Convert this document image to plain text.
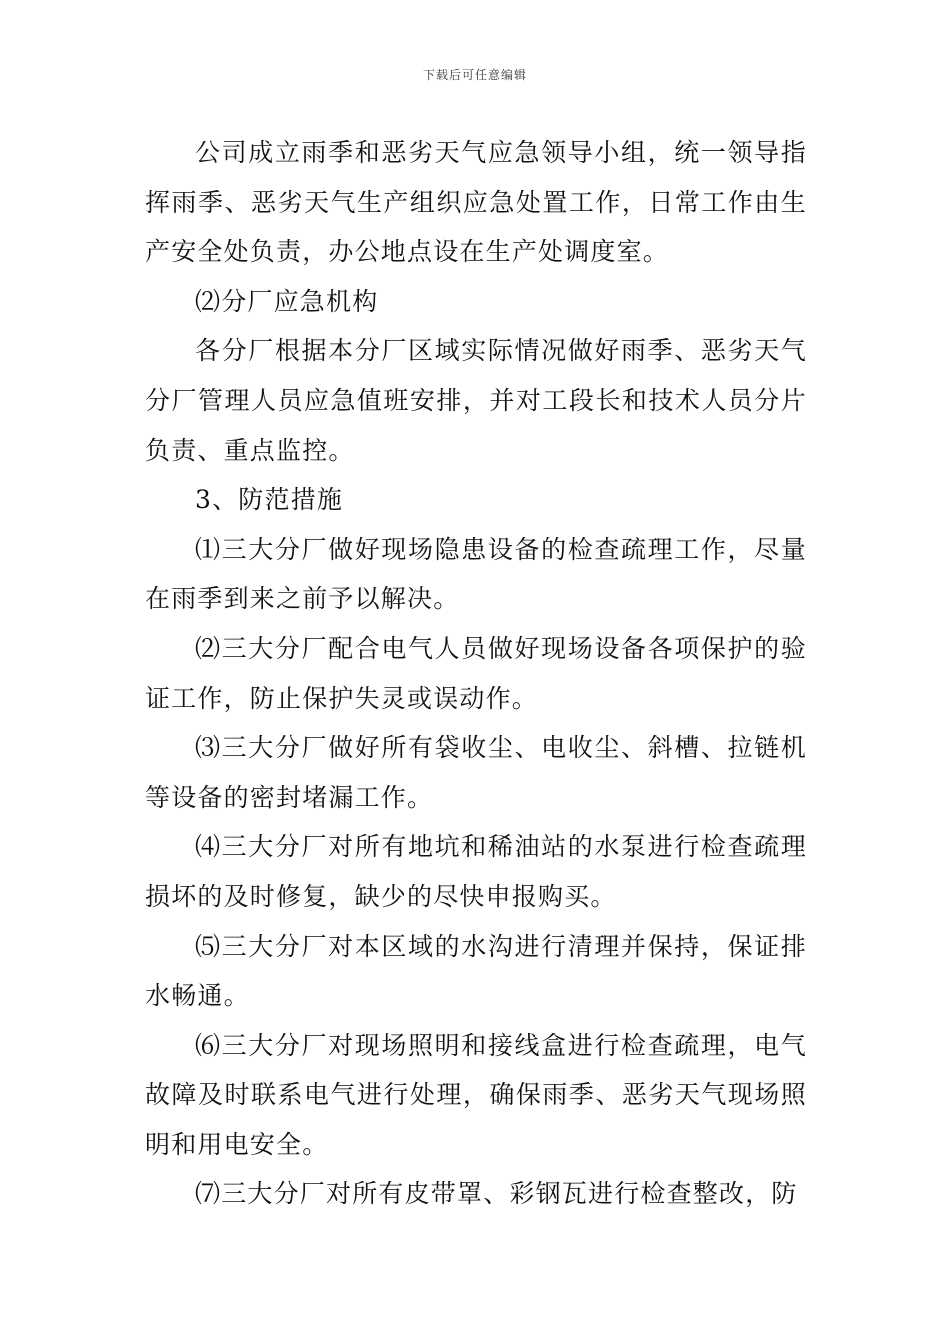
下载后可任意编辑

公司成立雨季和恶劣天气应急领导小组，统一领导指挥雨季、恶劣天气生产组织应急处置工作，日常工作由生产安全处负责，办公地点设在生产处调度室。

⑵分厂应急机构

各分厂根据本分厂区域实际情况做好雨季、恶劣天气分厂管理人员应急值班安排，并对工段长和技术人员分片负责、重点监控。

3、防范措施

⑴三大分厂做好现场隐患设备的检查疏理工作，尽量在雨季到来之前予以解决。

⑵三大分厂配合电气人员做好现场设备各项保护的验证工作，防止保护失灵或误动作。

⑶三大分厂做好所有袋收尘、电收尘、斜槽、拉链机等设备的密封堵漏工作。

⑷三大分厂对所有地坑和稀油站的水泵进行检查疏理损坏的及时修复，缺少的尽快申报购买。

⑸三大分厂对本区域的水沟进行清理并保持，保证排水畅通。

⑹三大分厂对现场照明和接线盒进行检查疏理，电气故障及时联系电气进行处理，确保雨季、恶劣天气现场照明和用电安全。

⑺三大分厂对所有皮带罩、彩钢瓦进行检查整改，防
